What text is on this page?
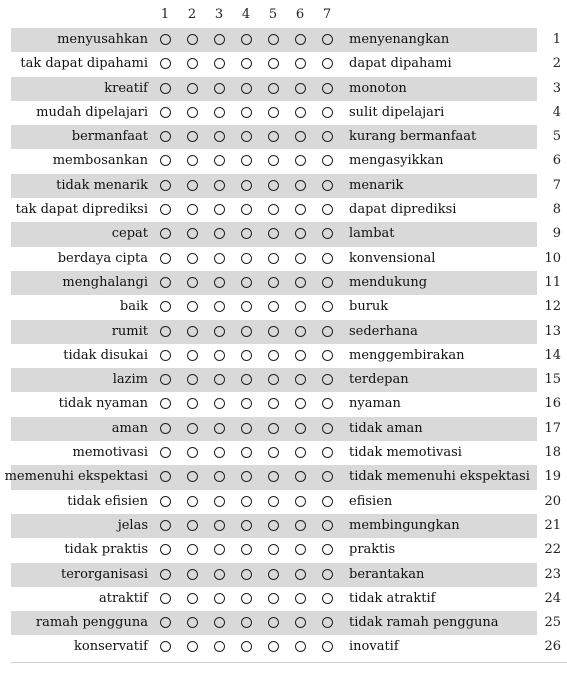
1 2 3 4 5 6 7
menyusahkan	menyenangkan	1
tak dapat dipahami	dapat dipahami	2
kreatif	monoton	3
mudah dipelajari	sulit dipelajari	4
bermanfaat	kurang bermanfaat	5
membosankan	mengasyikkan	6
tidak menarik	menarik	7
tak dapat diprediksi	dapat diprediksi	8
cepat	lambat	9
berdaya cipta	konvensional	10
menghalangi	mendukung	11
baik	buruk	12
rumit	sederhana	13
tidak disukai	menggembirakan	14
lazim	terdepan	15
tidak nyaman	nyaman	16
aman	tidak aman	17
memotivasi	tidak memotivasi	18
memenuhi ekspektasi	tidak memenuhi ekspektasi 19
tidak efisien	efisien	20
jelas	membingungkan	21
tidak praktis	praktis	22
terorganisasi	berantakan	23
atraktif	tidak atraktif	24
ramah pengguna	tidak ramah pengguna	25
konservatif	inovatif	26
